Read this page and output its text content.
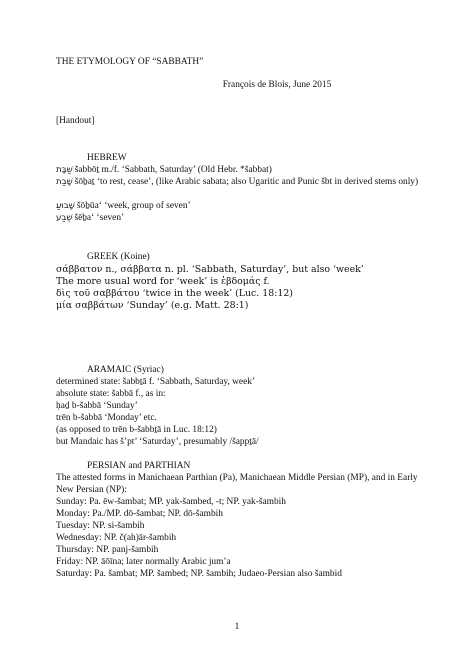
THE ETYMOLOGY OF “SABBATH”
François de Blois, June 2015
[Handout]
HEBREW
שַׁבָּת šabbōṯ m./f. ‘Sabbath, Saturday’ (Old Hebr. *šabbat)
שָׁבַת šōḇaṯ ‘to rest, cease’, (like Arabic sabata; also Ugaritic and Punic šbt in derived stems only)
שָׁבוּעַ šōḇūa‘ ‘week, group of seven’
שֶׁבַע šēḇa‘ ‘seven’
GREEK (Koine)
σάββατον n., σάββατα n. pl. ‘Sabbath, Saturday’, but also ‘week’
The more usual word for ‘week’ is ἑβδομάς f.
δὶς τοῦ σαββάτου ‘twice in the week’ (Luc. 18:12)
μία σαββάτων ‘Sunday’ (e.g. Matt. 28:1)
ARAMAIC (Syriac)
determined state: šabbṯā f. ‘Sabbath, Saturday, week’
absolute state: šabbā f., as in:
ḥaḏ b-šabbā ‘Sunday’
trēn b-šabbā ‘Monday’ etc.
(as opposed to trēn b-šabbṯā in Luc. 18:12)
but Mandaic has š’pt’ ‘Saturday’, presumably /šappṯā/
PERSIAN and PARTHIAN
The attested forms in Manichaean Parthian (Pa), Manichaean Middle Persian (MP), and in Early New Persian (NP):
Sunday: Pa. ēw-šambat; MP. yak-šambed, -t; NP. yak-šambih
Monday: Pa./MP. dō-šambat; NP. dō-šambih
Tuesday: NP. si-šambih
Wednesday: NP. č(ah)ār-šambih
Thursday: NP. panj-šambih
Friday: NP. āōīna; later normally Arabic jum’a
Saturday: Pa. šambat; MP. šambed; NP. šambih; Judaeo-Persian also šambid
1
